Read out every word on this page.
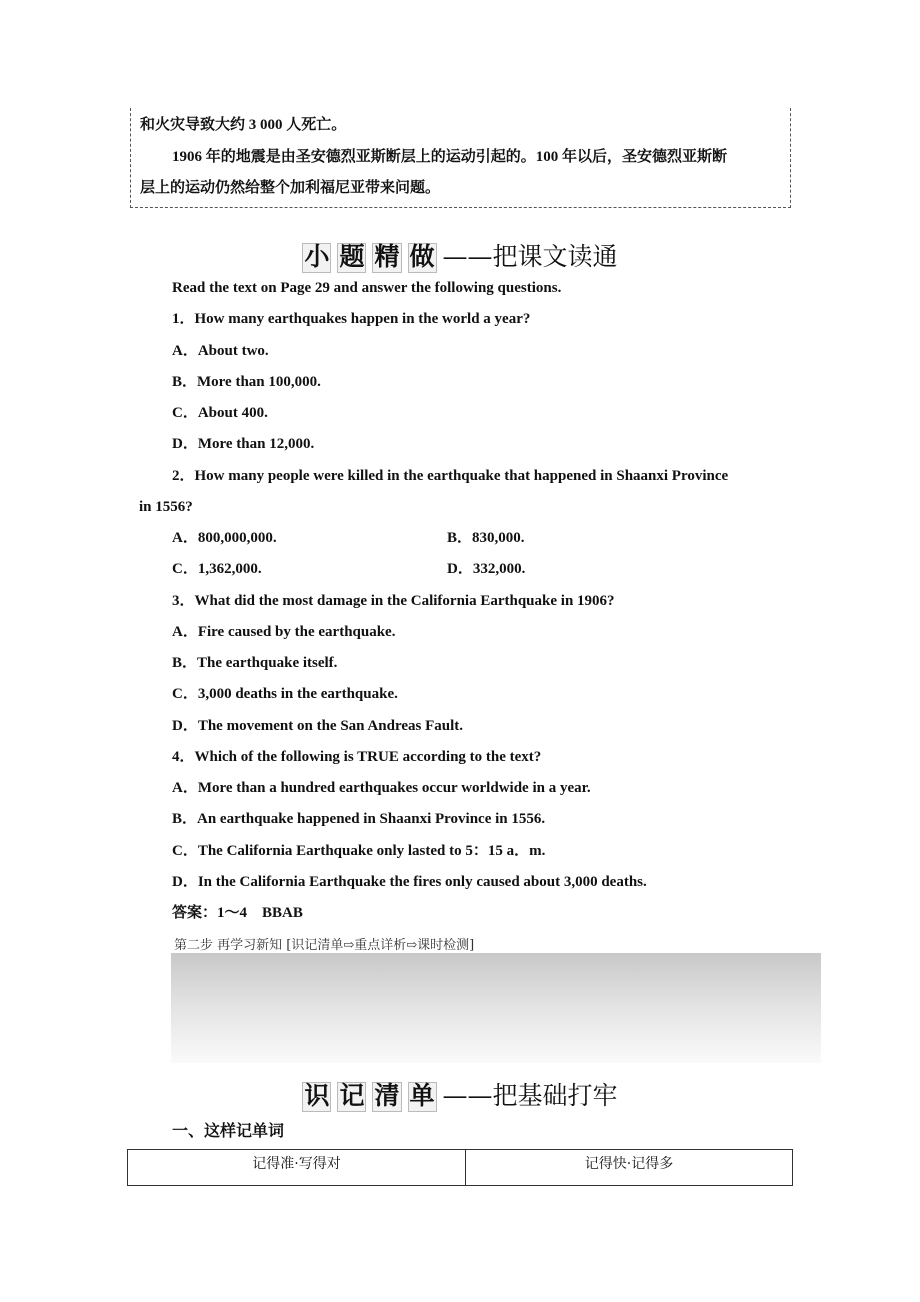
和火灾导致大约 3 000 人死亡。
1906 年的地震是由圣安德烈亚斯断层上的运动引起的。100 年以后，圣安德烈亚斯断
层上的运动仍然给整个加利福尼亚带来问题。
小 题 精 做 ——把课文读通
Read the text on Page 29 and answer the following questions.
1．How many earthquakes happen in the world a year?
A．About two.
B．More than 100,000.
C．About 400.
D．More than 12,000.
2．How many people were killed in the earthquake that happened in Shaanxi Province
in 1556?
A．800,000,000.	B．830,000.
C．1,362,000.	D．332,000.
3．What did the most damage in the California Earthquake in 1906?
A．Fire caused by the earthquake.
B．The earthquake itself.
C．3,000 deaths in the earthquake.
D．The movement on the San Andreas Fault.
4．Which of the following is TRUE according to the text?
A．More than a hundred earthquakes occur worldwide in a year.
B．An earthquake happened in Shaanxi Province in 1556.
C．The California Earthquake only lasted to 5：15 a．m.
D．In the California Earthquake the fires only caused about 3,000 deaths.
答案：1～4　BBAB
第二步 再学习新知 [识记清单⇨重点详析⇨课时检测]
识 记 清 单 ——把基础打牢
一、这样记单词
记得准·写得对	记得快·记得多
